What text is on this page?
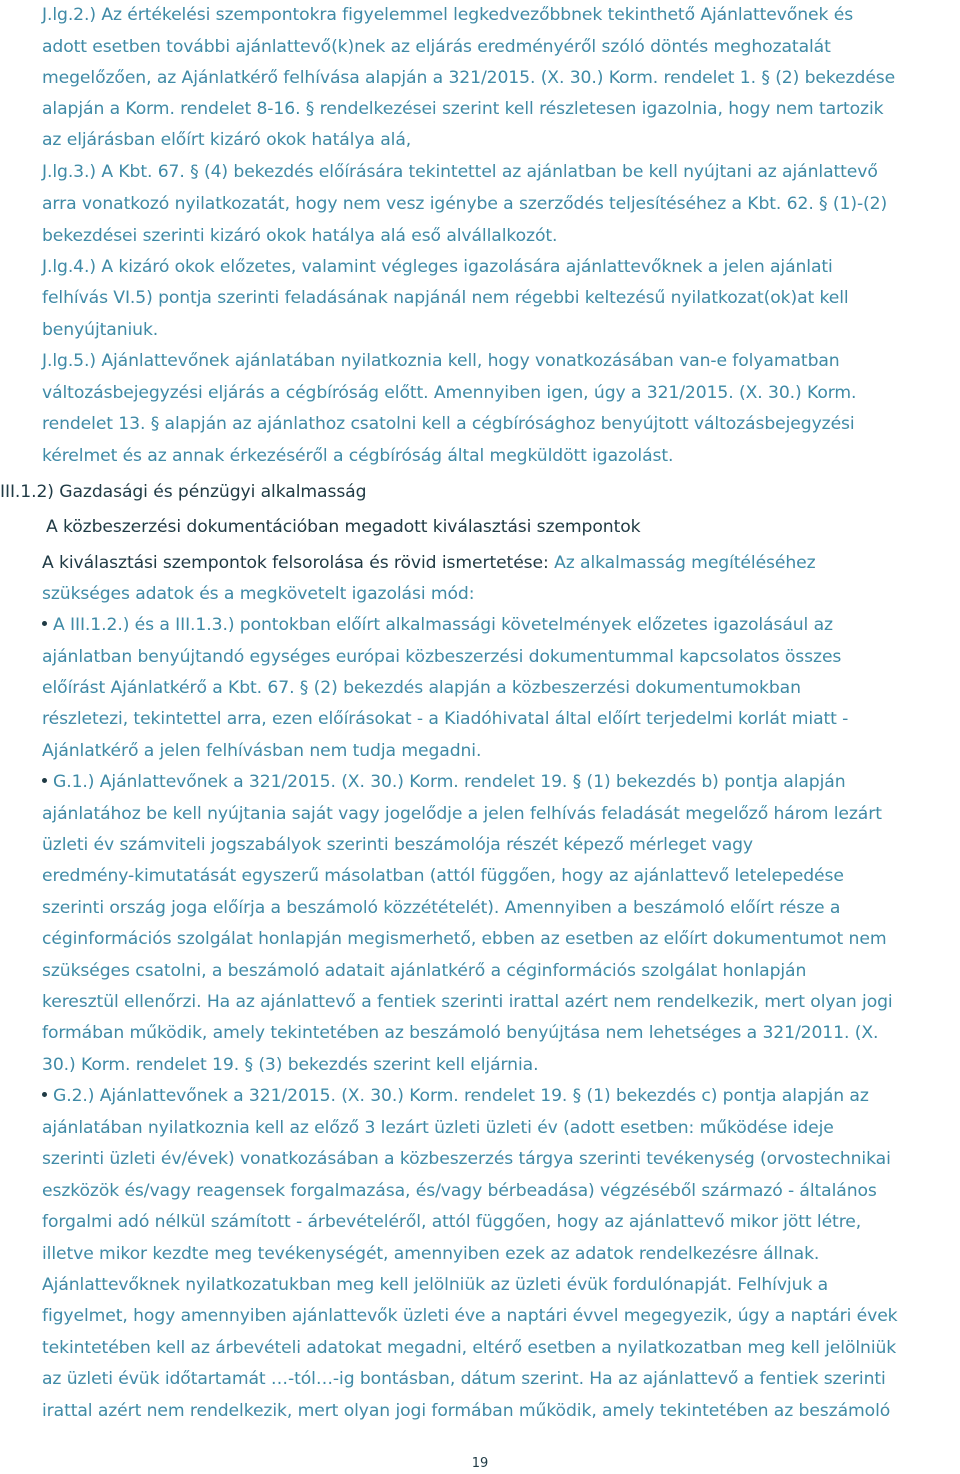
J.lg.2.) Az értékelési szempontokra figyelemmel legkedvezőbbnek tekinthető Ajánlattevőnek és
adott esetben további ajánlattevő(k)nek az eljárás eredményéről szóló döntés meghozatalát
megelőzően, az Ajánlatkérő felhívása alapján a 321/2015. (X. 30.) Korm. rendelet 1. § (2) bekezdése
alapján a Korm. rendelet 8-16. § rendelkezései szerint kell részletesen igazolnia, hogy nem tartozik
az eljárásban előírt kizáró okok hatálya alá,
J.lg.3.) A Kbt. 67. § (4) bekezdés előírására tekintettel az ajánlatban be kell nyújtani az ajánlattevő
arra vonatkozó nyilatkozatát, hogy nem vesz igénybe a szerződés teljesítéséhez a Kbt. 62. § (1)-(2)
bekezdései szerinti kizáró okok hatálya alá eső alvállalkozót.
J.lg.4.) A kizáró okok előzetes, valamint végleges igazolására ajánlattevőknek a jelen ajánlati
felhívás VI.5) pontja szerinti feladásának napjánál nem régebbi keltezésű nyilatkozat(ok)at kell
benyújtaniuk.
J.lg.5.) Ajánlattevőnek ajánlatában nyilatkoznia kell, hogy vonatkozásában van-e folyamatban
változásbejegyzési eljárás a cégbíróság előtt. Amennyiben igen, úgy a 321/2015. (X. 30.) Korm.
rendelet 13. § alapján az ajánlathoz csatolni kell a cégbírósághoz benyújtott változásbejegyzési
kérelmet és az annak érkezéséről a cégbíróság által megküldött igazolást.
III.1.2) Gazdasági és pénzügyi alkalmasság
A közbeszerzési dokumentációban megadott kiválasztási szempontok
A kiválasztási szempontok felsorolása és rövid ismertetése: Az alkalmasság megítéléséhez
szükséges adatok és a megkövetelt igazolási mód:
A III.1.2.) és a III.1.3.) pontokban előírt alkalmassági követelmények előzetes igazolásául az
ajánlatban benyújtandó egységes európai közbeszerzési dokumentummal kapcsolatos összes
előírást Ajánlatkérő a Kbt. 67. § (2) bekezdés alapján a közbeszerzési dokumentumokban
részletezi, tekintettel arra, ezen előírásokat - a Kiadóhivatal által előírt terjedelmi korlát miatt -
Ajánlatkérő a jelen felhívásban nem tudja megadni.
G.1.) Ajánlattevőnek a 321/2015. (X. 30.) Korm. rendelet 19. § (1) bekezdés b) pontja alapján
ajánlatához be kell nyújtania saját vagy jogelődje a jelen felhívás feladását megelőző három lezárt
üzleti év számviteli jogszabályok szerinti beszámolója részét képező mérleget vagy
eredmény-kimutatását egyszerű másolatban (attól függően, hogy az ajánlattevő letelepedése
szerinti ország joga előírja a beszámoló közzétételét). Amennyiben a beszámoló előírt része a
céginformációs szolgálat honlapján megismerhető, ebben az esetben az előírt dokumentumot nem
szükséges csatolni, a beszámoló adatait ajánlatkérő a céginformációs szolgálat honlapján
keresztül ellenőrzi. Ha az ajánlattevő a fentiek szerinti irattal azért nem rendelkezik, mert olyan jogi
formában működik, amely tekintetében az beszámoló benyújtása nem lehetséges a 321/2011. (X.
30.) Korm. rendelet 19. § (3) bekezdés szerint kell eljárnia.
G.2.) Ajánlattevőnek a 321/2015. (X. 30.) Korm. rendelet 19. § (1) bekezdés c) pontja alapján az
ajánlatában nyilatkoznia kell az előző 3 lezárt üzleti üzleti év (adott esetben: működése ideje
szerinti üzleti év/évek) vonatkozásában a közbeszerzés tárgya szerinti tevékenység (orvostechnikai
eszközök és/vagy reagensek forgalmazása, és/vagy bérbeadása) végzéséből származó - általános
forgalmi adó nélkül számított - árbevételéről, attól függően, hogy az ajánlattevő mikor jött létre,
illetve mikor kezdte meg tevékenységét, amennyiben ezek az adatok rendelkezésre állnak.
Ajánlattevőknek nyilatkozatukban meg kell jelölniük az üzleti évük fordulónapját. Felhívjuk a
figyelmet, hogy amennyiben ajánlattevők üzleti éve a naptári évvel megegyezik, úgy a naptári évek
tekintetében kell az árbevételi adatokat megadni, eltérő esetben a nyilatkozatban meg kell jelölniük
az üzleti évük időtartamát …-tól…-ig bontásban, dátum szerint. Ha az ajánlattevő a fentiek szerinti
irattal azért nem rendelkezik, mert olyan jogi formában működik, amely tekintetében az beszámoló
19
